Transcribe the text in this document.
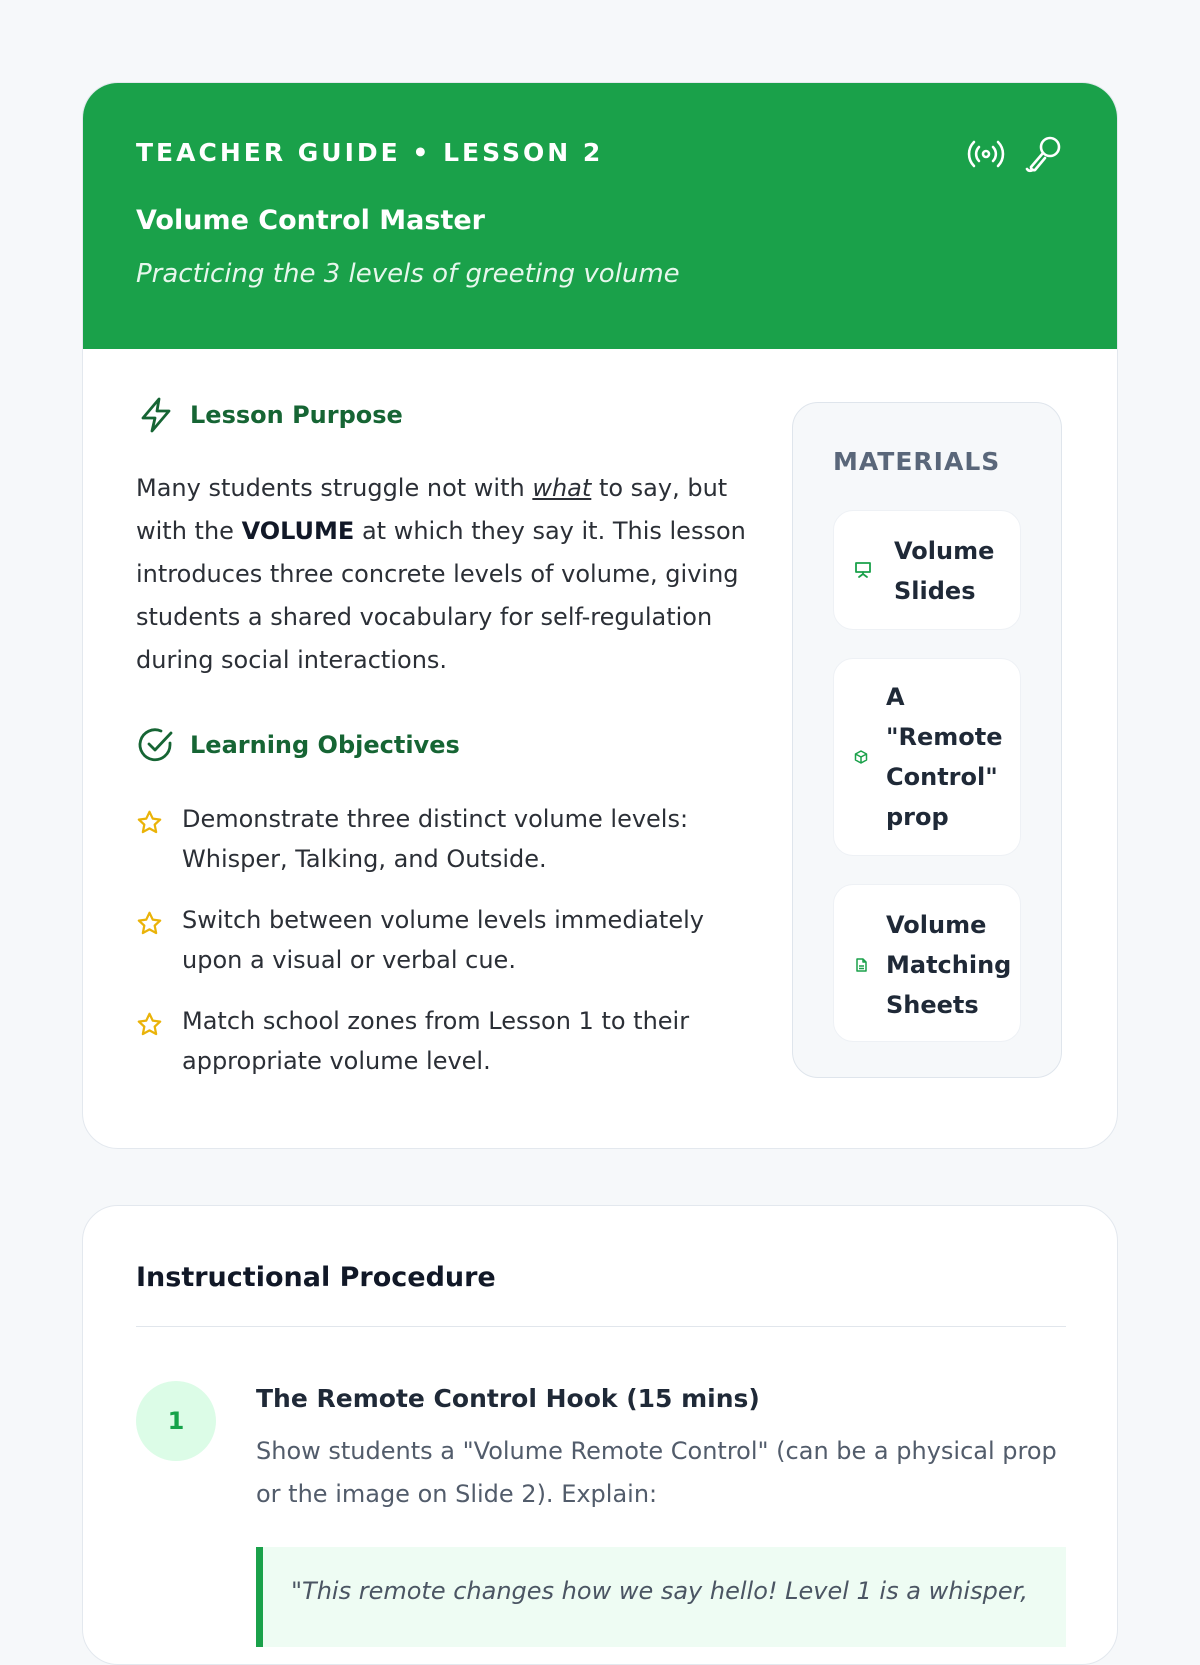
TEACHER GUIDE • LESSON 2
Volume Control Master
Practicing the 3 levels of greeting volume
Lesson Purpose
Many students struggle not with what to say, but with the VOLUME at which they say it. This lesson introduces three concrete levels of volume, giving students a shared vocabulary for self-regulation during social interactions.
Learning Objectives
Demonstrate three distinct volume levels: Whisper, Talking, and Outside.
Switch between volume levels immediately upon a visual or verbal cue.
Match school zones from Lesson 1 to their appropriate volume level.
MATERIALS
Volume Slides
A "Remote Control" prop
Volume Matching Sheets
Instructional Procedure
1
The Remote Control Hook (15 mins)
Show students a "Volume Remote Control" (can be a physical prop or the image on Slide 2). Explain:
"This remote changes how we say hello! Level 1 is a whisper,
